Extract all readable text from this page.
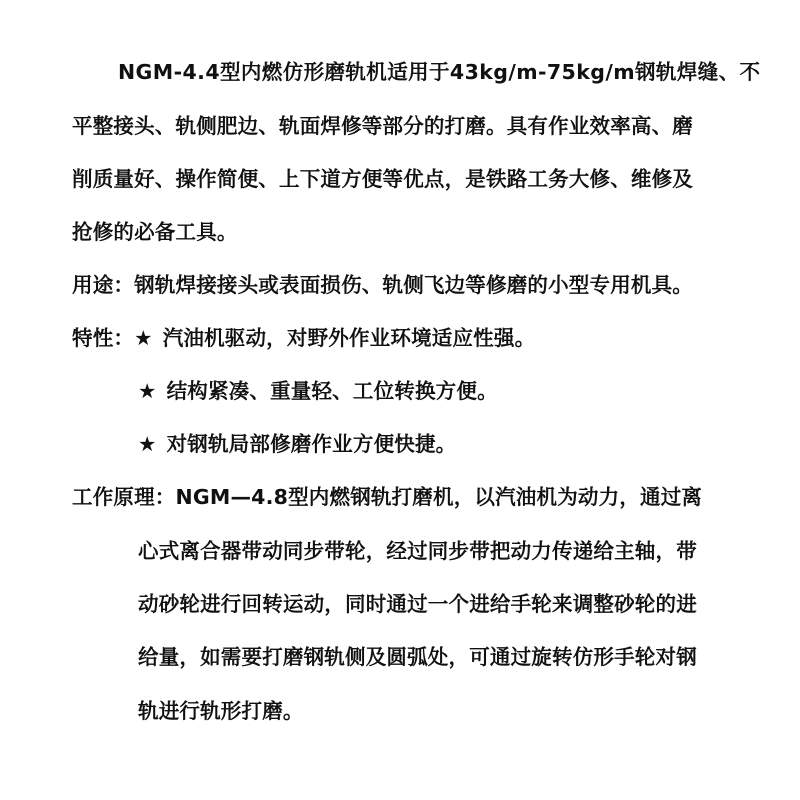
NGM-4.4型内燃仿形磨轨机适用于43kg/m-75kg/m钢轨焊缝、不
平整接头、轨侧肥边、轨面焊修等部分的打磨。具有作业效率高、磨
削质量好、操作简便、上下道方便等优点，是铁路工务大修、维修及
抢修的必备工具。
用途：钢轨焊接接头或表面损伤、轨侧飞边等修磨的小型专用机具。
特性：★ 汽油机驱动，对野外作业环境适应性强。
★ 结构紧凑、重量轻、工位转换方便。
★ 对钢轨局部修磨作业方便快捷。
工作原理：NGM—4.8型内燃钢轨打磨机，以汽油机为动力，通过离
心式离合器带动同步带轮，经过同步带把动力传递给主轴，带
动砂轮进行回转运动，同时通过一个进给手轮来调整砂轮的进
给量，如需要打磨钢轨侧及圆弧处，可通过旋转仿形手轮对钢
轨进行轨形打磨。
